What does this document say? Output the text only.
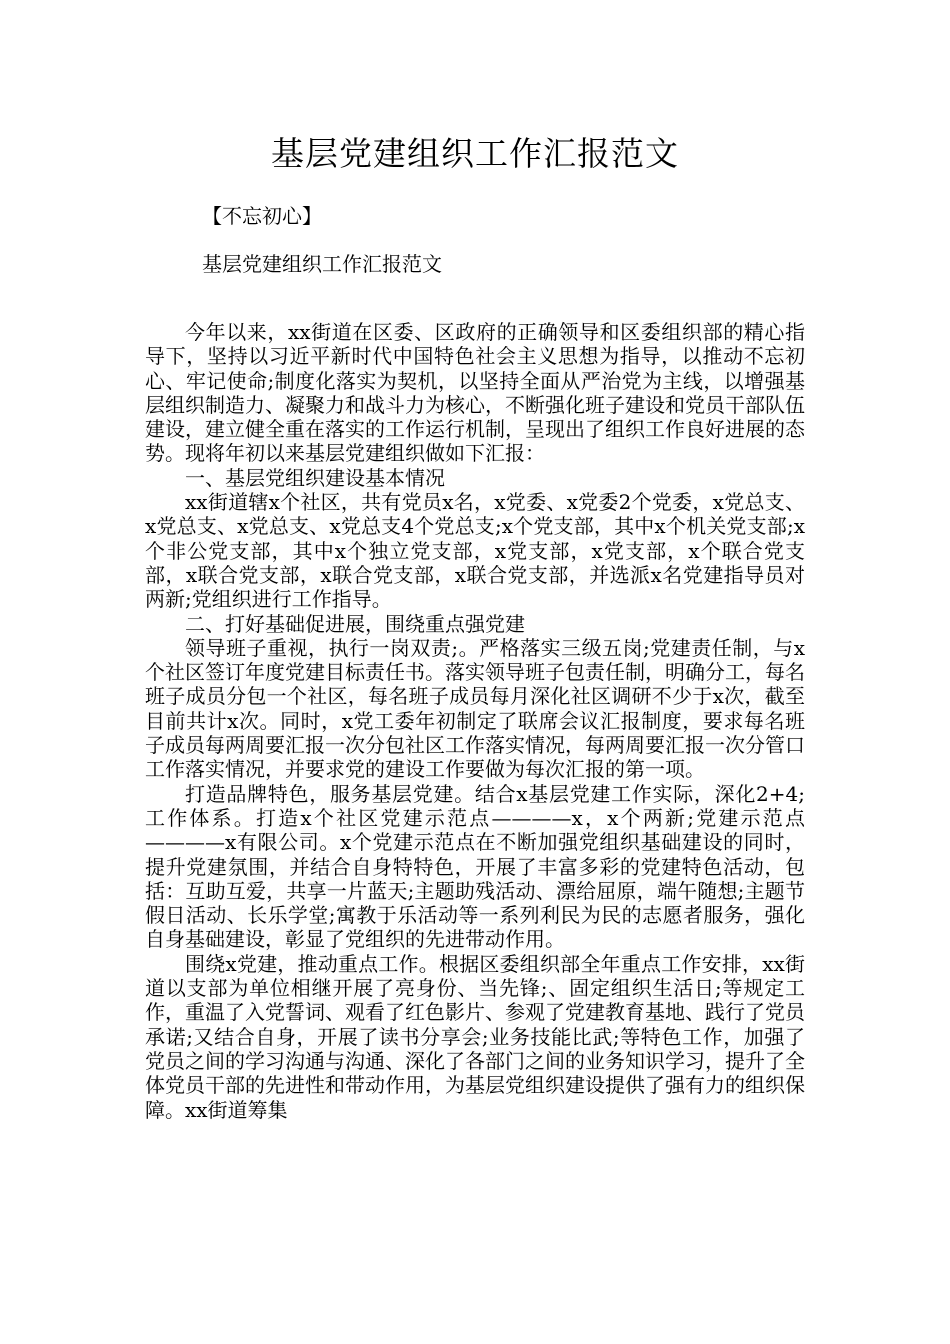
基层党建组织工作汇报范文
【不忘初心】
基层党建组织工作汇报范文

今年以来，xx街道在区委、区政府的正确领导和区委组织部的精心指导下，坚持以习近平新时代中国特色社会主义思想为指导，以推动不忘初心、牢记使命;制度化落实为契机，以坚持全面从严治党为主线，以增强基层组织制造力、凝聚力和战斗力为核心，不断强化班子建设和党员干部队伍建设，建立健全重在落实的工作运行机制，呈现出了组织工作良好进展的态势。现将年初以来基层党建组织做如下汇报：

一、基层党组织建设基本情况

xx街道辖x个社区，共有党员x名，x党委、x党委2个党委，x党总支、x党总支、x党总支、x党总支4个党总支;x个党支部，其中x个机关党支部;x个非公党支部，其中x个独立党支部，x党支部，x党支部，x个联合党支部，x联合党支部，x联合党支部，x联合党支部，并选派x名党建指导员对两新;党组织进行工作指导。

二、打好基础促进展，围绕重点强党建

领导班子重视，执行一岗双责;。严格落实三级五岗;党建责任制，与x个社区签订年度党建目标责任书。落实领导班子包责任制，明确分工，每名班子成员分包一个社区，每名班子成员每月深化社区调研不少于x次，截至目前共计x次。同时，x党工委年初制定了联席会议汇报制度，要求每名班子成员每两周要汇报一次分包社区工作落实情况，每两周要汇报一次分管口工作落实情况，并要求党的建设工作要做为每次汇报的第一项。

打造品牌特色，服务基层党建。结合x基层党建工作实际，深化2+4;工作体系。打造x个社区党建示范点————x，x个两新;党建示范点————x有限公司。x个党建示范点在不断加强党组织基础建设的同时，提升党建氛围，并结合自身特特色，开展了丰富多彩的党建特色活动，包括：互助互爱，共享一片蓝天;主题助残活动、漂给屈原，端午随想;主题节假日活动、长乐学堂;寓教于乐活动等一系列利民为民的志愿者服务，强化自身基础建设，彰显了党组织的先进带动作用。

围绕x党建，推动重点工作。根据区委组织部全年重点工作安排，xx街道以支部为单位相继开展了亮身份、当先锋;、固定组织生活日;等规定工作，重温了入党誓词、观看了红色影片、参观了党建教育基地、践行了党员承诺;又结合自身，开展了读书分享会;业务技能比武;等特色工作，加强了党员之间的学习沟通与沟通、深化了各部门之间的业务知识学习，提升了全体党员干部的先进性和带动作用，为基层党组织建设提供了强有力的组织保障。xx街道筹集
